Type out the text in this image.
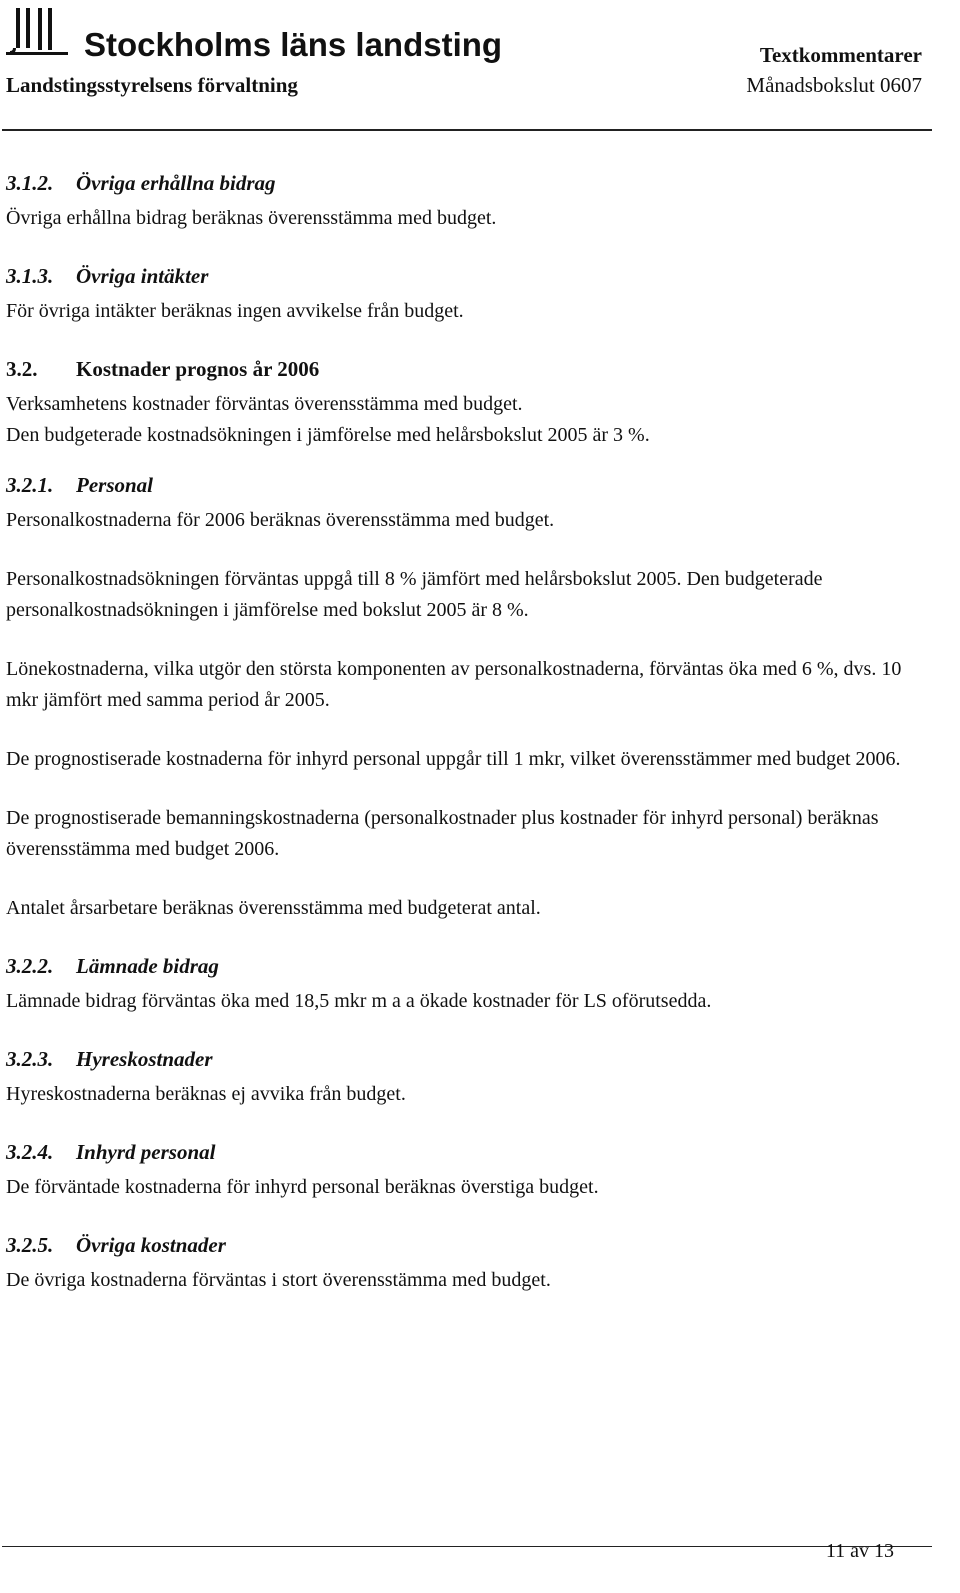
Stockholms läns landsting
Landstingsstyrelsens förvaltning
Textkommentarer
Månadsbokslut 0607
3.1.2. Övriga erhållna bidrag

Övriga erhållna bidrag beräknas överensstämma med budget.

3.1.3. Övriga intäkter

För övriga intäkter beräknas ingen avvikelse från budget.

3.2. Kostnader prognos år 2006

Verksamhetens kostnader förväntas överensstämma med budget.

Den budgeterade kostnadsökningen i jämförelse med helårsbokslut 2005 är 3 %.

3.2.1. Personal

Personalkostnaderna för 2006 beräknas överensstämma med budget.

Personalkostnadsökningen förväntas uppgå till 8 % jämfört med helårsbokslut 2005. Den budgeterade personalkostnadsökningen i jämförelse med bokslut 2005 är 8 %.

Lönekostnaderna, vilka utgör den största komponenten av personalkostnaderna, förväntas öka med 6 %, dvs. 10 mkr jämfört med samma period år 2005.

De prognostiserade kostnaderna för inhyrd personal uppgår till 1 mkr, vilket överensstämmer med budget 2006.

De prognostiserade bemanningskostnaderna (personalkostnader plus kostnader för inhyrd personal) beräknas överensstämma med budget 2006.

Antalet årsarbetare beräknas överensstämma med budgeterat antal.

3.2.2. Lämnade bidrag

Lämnade bidrag förväntas öka med 18,5 mkr m a a ökade kostnader för LS oförutsedda.

3.2.3. Hyreskostnader

Hyreskostnaderna beräknas ej avvika från budget.

3.2.4. Inhyrd personal

De förväntade kostnaderna för inhyrd personal beräknas överstiga budget.

3.2.5. Övriga kostnader

De övriga kostnaderna förväntas i stort överensstämma med budget.

11 av 13
